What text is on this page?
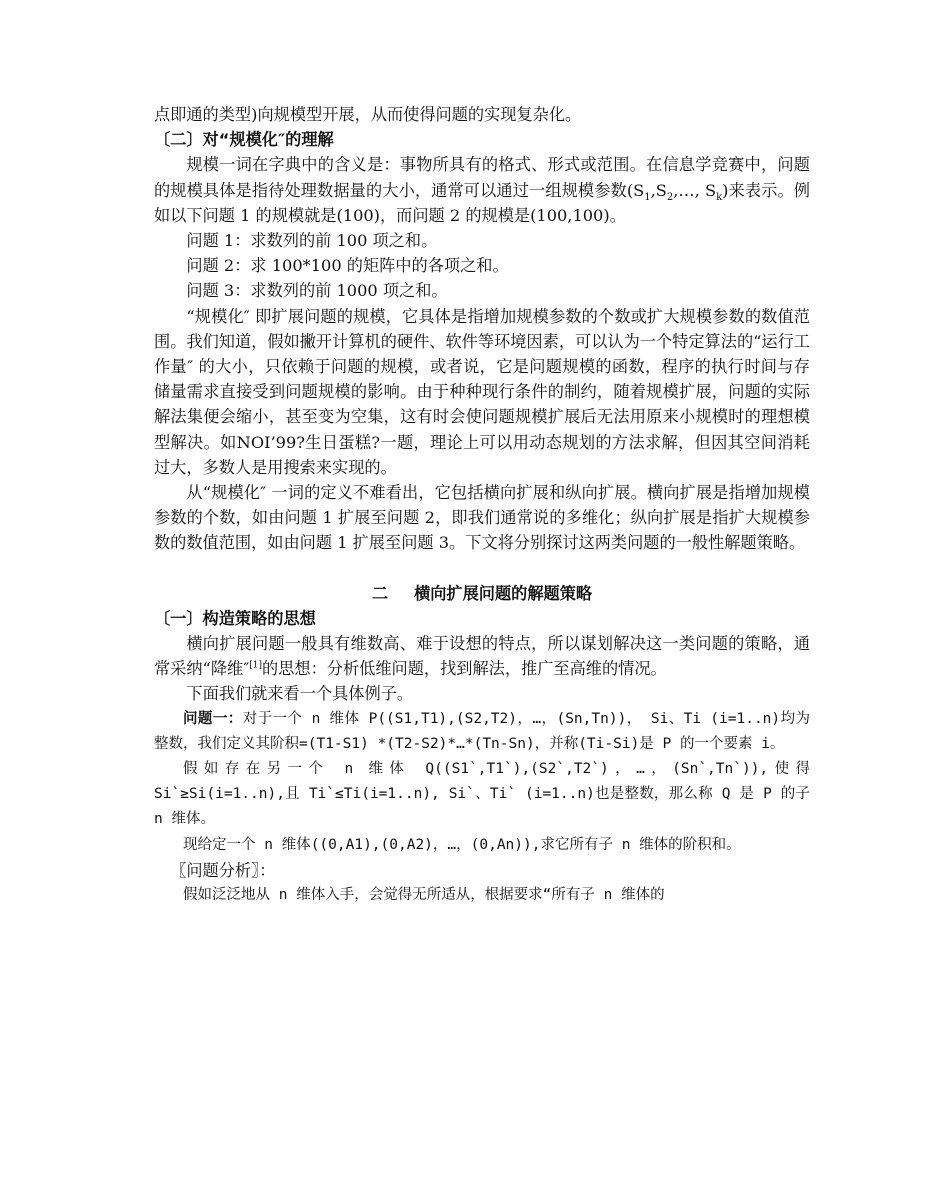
点即通的类型)向规模型开展，从而使得问题的实现复杂化。

〔二〕对“规模化″的理解

规模一词在字典中的含义是：事物所具有的格式、形式或范围。在信息学竞赛中，问题的规模具体是指待处理数据量的大小，通常可以通过一组规模参数($S_1,S_2,\dots$, $S_k$)来表示。例如以下问题 1 的规模就是(100)，而问题 2 的规模是(100,100)。

问题 1：求数列的前 100 项之和。

问题 2：求 100*100 的矩阵中的各项之和。

问题 3：求数列的前 1000 项之和。

“规模化″ 即扩展问题的规模，它具体是指增加规模参数的个数或扩大规模参数的数值范围。我们知道，假如撇开计算机的硬件、软件等环境因素，可以认为一个特定算法的“运行工作量″ 的大小，只依赖于问题的规模，或者说，它是问题规模的函数，程序的执行时间与存储量需求直接受到问题规模的影响。由于种种现行条件的制约，随着规模扩展，问题的实际解法集便会缩小，甚至变为空集，这有时会使问题规模扩展后无法用原来小规模时的理想模型解决。如NOI’99?生日蛋糕?一题，理论上可以用动态规划的方法求解，但因其空间消耗过大，多数人是用搜索来实现的。

从“规模化″ 一词的定义不难看出，它包括横向扩展和纵向扩展。横向扩展是指增加规模参数的个数，如由问题 1 扩展至问题 2，即我们通常说的多维化；纵向扩展是指扩大规模参数的数值范围，如由问题 1 扩展至问题 3。下文将分别探讨这两类问题的一般性解题策略。

二 横向扩展问题的解题策略

〔一〕构造策略的思想

横向扩展问题一般具有维数高、难于设想的特点，所以谋划解决这一类问题的策略，通常采纳“降维″[1]的思想：分析低维问题，找到解法，推广至高维的情况。

下面我们就来看一个具体例子。

问题一：对于一个 n 维体 P((S1,T1),(S2,T2)，…，(Sn,Tn))， Si、Ti (i=1..n)均为整数，我们定义其阶积=(T1-S1) *(T2-S2)*…*(Tn-Sn)，并称(Ti-Si)是 P 的一个要素 i。

假如存在另一个 n 维体 Q((S1`,T1`),(S2`,T2`)，…，(Sn`,Tn`)),使得Si`≥Si(i=1..n),且 Ti`≤Ti(i=1..n), Si`、Ti` (i=1..n)也是整数，那么称 Q 是 P 的子 n 维体。

现给定一个 n 维体((0,A1),(0,A2)，…，(0,An)),求它所有子 n 维体的阶积和。

〖问题分析〗：

假如泛泛地从 n 维体入手，会觉得无所适从，根据要求“所有子 n 维体的
